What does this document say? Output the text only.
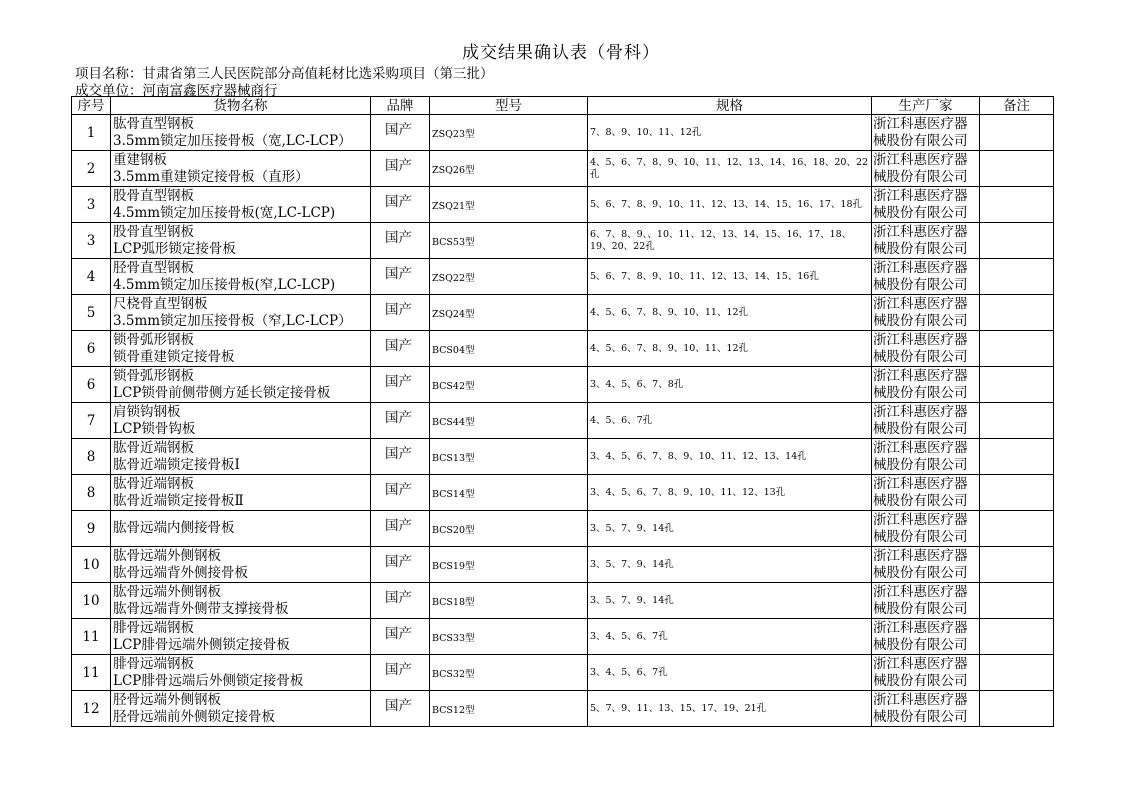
成交结果确认表（骨科）
项目名称：甘肃省第三人民医院部分高值耗材比选采购项目（第三批）
成交单位：河南富鑫医疗器械商行
序号	货物名称	品牌	型号	规格	生产厂家	备注
1	肱骨直型钢板
3.5mm锁定加压接骨板（宽,LC-LCP）	国产	ZSQ23型	7、8、9、10、11、12孔	浙江科惠医疗器
械股份有限公司	

2	重建钢板
3.5mm重建锁定接骨板（直形）	国产	ZSQ26型	4、5、6、7、8、9、10、11、12、13、14、16、18、20、22孔	浙江科惠医疗器
械股份有限公司	

3	股骨直型钢板
4.5mm锁定加压接骨板(宽,LC-LCP)	国产	ZSQ21型	5、6、7、8、9、10、11、12、13、14、15、16、17、18孔	浙江科惠医疗器
械股份有限公司	

3	股骨直型钢板
LCP弧形锁定接骨板	国产	BCS53型	6、7、8、9、、10、11、12、13、14、15、16、17、18、19、20、22孔	浙江科惠医疗器
械股份有限公司	

4	胫骨直型钢板
4.5mm锁定加压接骨板(窄,LC-LCP)	国产	ZSQ22型	5、6、7、8、9、10、11、12、13、14、15、16孔	浙江科惠医疗器
械股份有限公司	

5	尺桡骨直型钢板
3.5mm锁定加压接骨板（窄,LC-LCP）	国产	ZSQ24型	4、5、6、7、8、9、10、11、12孔	浙江科惠医疗器
械股份有限公司	

6	锁骨弧形钢板
锁骨重建锁定接骨板	国产	BCS04型	4、5、6、7、8、9、10、11、12孔	浙江科惠医疗器
械股份有限公司	

6	锁骨弧形钢板
LCP锁骨前侧带侧方延长锁定接骨板	国产	BCS42型	3、4、5、6、7、8孔	浙江科惠医疗器
械股份有限公司	

7	肩锁钩钢板
LCP锁骨钩板	国产	BCS44型	4、5、6、7孔	浙江科惠医疗器
械股份有限公司	

8	肱骨近端钢板
肱骨近端锁定接骨板Ⅰ	国产	BCS13型	3、4、5、6、7、8、9、10、11、12、13、14孔	浙江科惠医疗器
械股份有限公司	

8	肱骨近端钢板
肱骨近端锁定接骨板Ⅱ	国产	BCS14型	3、4、5、6、7、8、9、10、11、12、13孔	浙江科惠医疗器
械股份有限公司	

9	肱骨远端内侧接骨板	国产	BCS20型	3、5、7、9、14孔	浙江科惠医疗器
械股份有限公司	

10	肱骨远端外侧钢板
肱骨远端背外侧接骨板	国产	BCS19型	3、5、7、9、14孔	浙江科惠医疗器
械股份有限公司	

10	肱骨远端外侧钢板
肱骨远端背外侧带支撑接骨板	国产	BCS18型	3、5、7、9、14孔	浙江科惠医疗器
械股份有限公司	

11	腓骨远端钢板
LCP腓骨远端外侧锁定接骨板	国产	BCS33型	3、4、5、6、7孔	浙江科惠医疗器
械股份有限公司	

11	腓骨远端钢板
LCP腓骨远端后外侧锁定接骨板	国产	BCS32型	3、4、5、6、7孔	浙江科惠医疗器
械股份有限公司	

12	胫骨远端外侧钢板
胫骨远端前外侧锁定接骨板	国产	BCS12型	5、7、9、11、13、15、17、19、21孔	浙江科惠医疗器
械股份有限公司	
